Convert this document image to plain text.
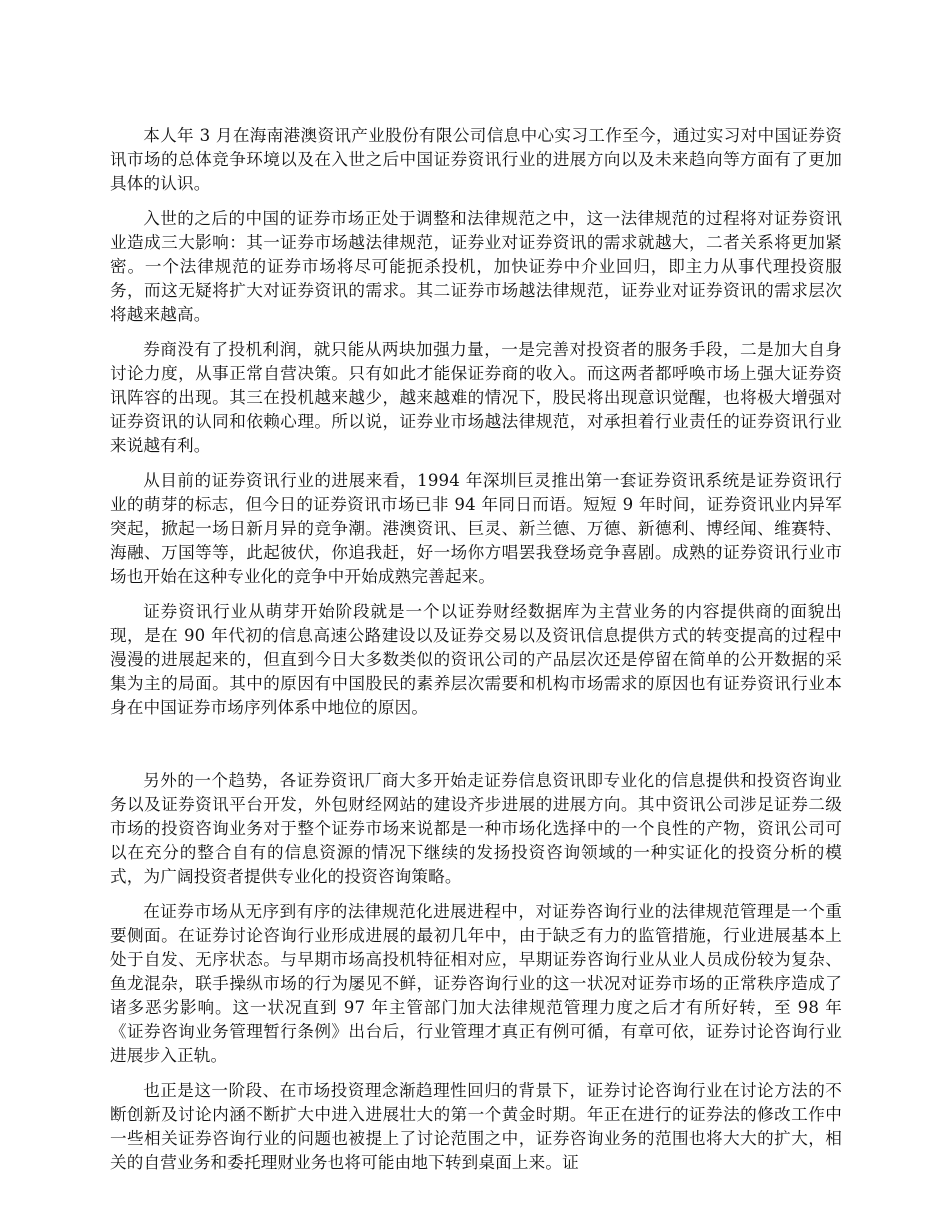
本人年 3 月在海南港澳资讯产业股份有限公司信息中心实习工作至今，通过实习对中国证券资讯市场的总体竞争环境以及在入世之后中国证券资讯行业的进展方向以及未来趋向等方面有了更加具体的认识。

入世的之后的中国的证券市场正处于调整和法律规范之中，这一法律规范的过程将对证券资讯业造成三大影响：其一证券市场越法律规范，证券业对证券资讯的需求就越大，二者关系将更加紧密。一个法律规范的证券市场将尽可能扼杀投机，加快证券中介业回归，即主力从事代理投资服务，而这无疑将扩大对证券资讯的需求。其二证券市场越法律规范，证券业对证券资讯的需求层次将越来越高。

券商没有了投机利润，就只能从两块加强力量，一是完善对投资者的服务手段，二是加大自身讨论力度，从事正常自营决策。只有如此才能保证券商的收入。而这两者都呼唤市场上强大证券资讯阵容的出现。其三在投机越来越少，越来越难的情况下，股民将出现意识觉醒，也将极大增强对证券资讯的认同和依赖心理。所以说，证券业市场越法律规范，对承担着行业责任的证券资讯行业来说越有利。

从目前的证券资讯行业的进展来看，1994 年深圳巨灵推出第一套证券资讯系统是证券资讯行业的萌芽的标志，但今日的证券资讯市场已非 94 年同日而语。短短 9 年时间，证券资讯业内异军突起，掀起一场日新月异的竞争潮。港澳资讯、巨灵、新兰德、万德、新德利、博经闻、维赛特、海融、万国等等，此起彼伏，你追我赶，好一场你方唱罢我登场竞争喜剧。成熟的证券资讯行业市场也开始在这种专业化的竞争中开始成熟完善起来。

证券资讯行业从萌芽开始阶段就是一个以证券财经数据库为主营业务的内容提供商的面貌出现，是在 90 年代初的信息高速公路建设以及证券交易以及资讯信息提供方式的转变提高的过程中漫漫的进展起来的，但直到今日大多数类似的资讯公司的产品层次还是停留在简单的公开数据的采集为主的局面。其中的原因有中国股民的素养层次需要和机构市场需求的原因也有证券资讯行业本身在中国证券市场序列体系中地位的原因。

另外的一个趋势，各证券资讯厂商大多开始走证券信息资讯即专业化的信息提供和投资咨询业务以及证券资讯平台开发，外包财经网站的建设齐步进展的进展方向。其中资讯公司涉足证券二级市场的投资咨询业务对于整个证券市场来说都是一种市场化选择中的一个良性的产物，资讯公司可以在充分的整合自有的信息资源的情况下继续的发扬投资咨询领域的一种实证化的投资分析的模式，为广阔投资者提供专业化的投资咨询策略。

在证券市场从无序到有序的法律规范化进展进程中，对证券咨询行业的法律规范管理是一个重要侧面。在证券讨论咨询行业形成进展的最初几年中，由于缺乏有力的监管措施，行业进展基本上处于自发、无序状态。与早期市场高投机特征相对应，早期证券咨询行业从业人员成份较为复杂、鱼龙混杂，联手操纵市场的行为屡见不鲜，证券咨询行业的这一状况对证券市场的正常秩序造成了诸多恶劣影响。这一状况直到 97 年主管部门加大法律规范管理力度之后才有所好转，至 98 年《证券咨询业务管理暂行条例》出台后，行业管理才真正有例可循，有章可依，证券讨论咨询行业进展步入正轨。

也正是这一阶段、在市场投资理念渐趋理性回归的背景下，证券讨论咨询行业在讨论方法的不断创新及讨论内涵不断扩大中进入进展壮大的第一个黄金时期。年正在进行的证券法的修改工作中一些相关证券咨询行业的问题也被提上了讨论范围之中，证券咨询业务的范围也将大大的扩大，相关的自营业务和委托理财业务也将可能由地下转到桌面上来。证
